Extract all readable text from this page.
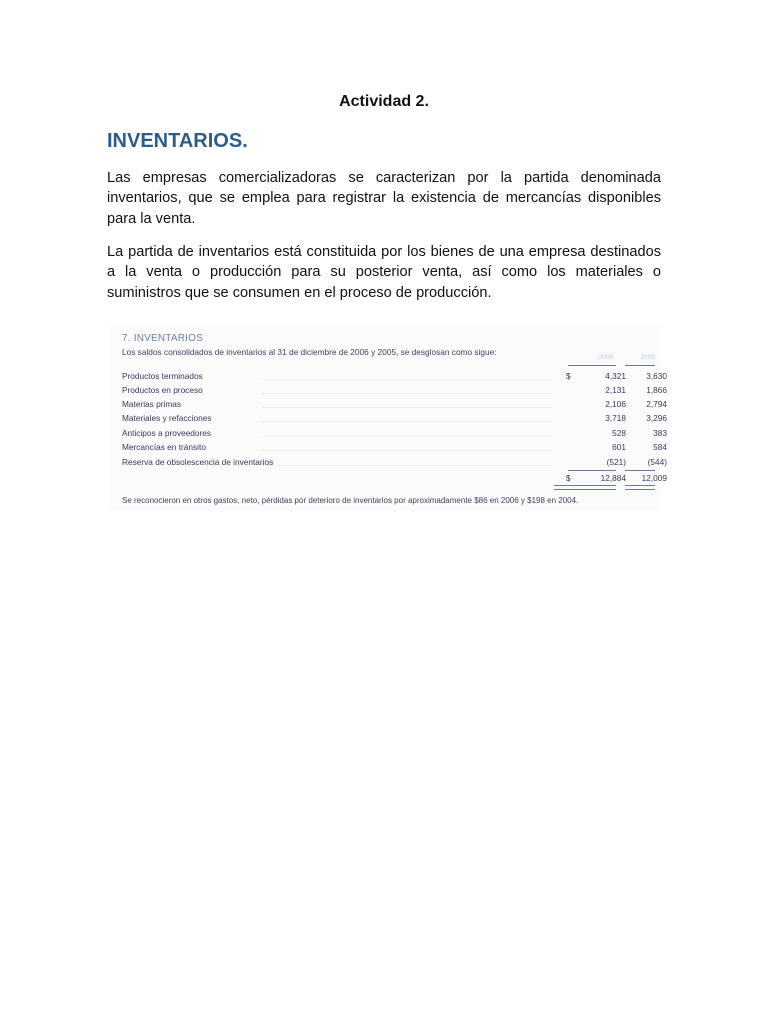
Actividad 2.
INVENTARIOS.

Las empresas comercializadoras se caracterizan por la partida denominada inventarios, que se emplea para registrar la existencia de mercancías disponibles para la venta.

La partida de inventarios está constituida por los bienes de una empresa destinados a la venta o producción para su posterior venta, así como los materiales o suministros que se consumen en el proceso de producción.

7. INVENTARIOS
Los saldos consolidados de inventarios al 31 de diciembre de 2006 y 2005, se desglosan como sigue:
2006	2005
Productos terminados	$	4,321	3,630
Productos en proceso	2,131	1,866
Materias primas	2,106	2,794
Materiales y refacciones	3,718	3,296
Anticipos a proveedores	528	383
Mercancías en tránsito	601	584
Reserva de obsolescencia de inventarios	(521)	(544)
$	12,884	12,009
Se reconocieron en otros gastos, neto, pérdidas por deterioro de inventarios por aproximadamente $86 en 2006 y $198 en 2004.
